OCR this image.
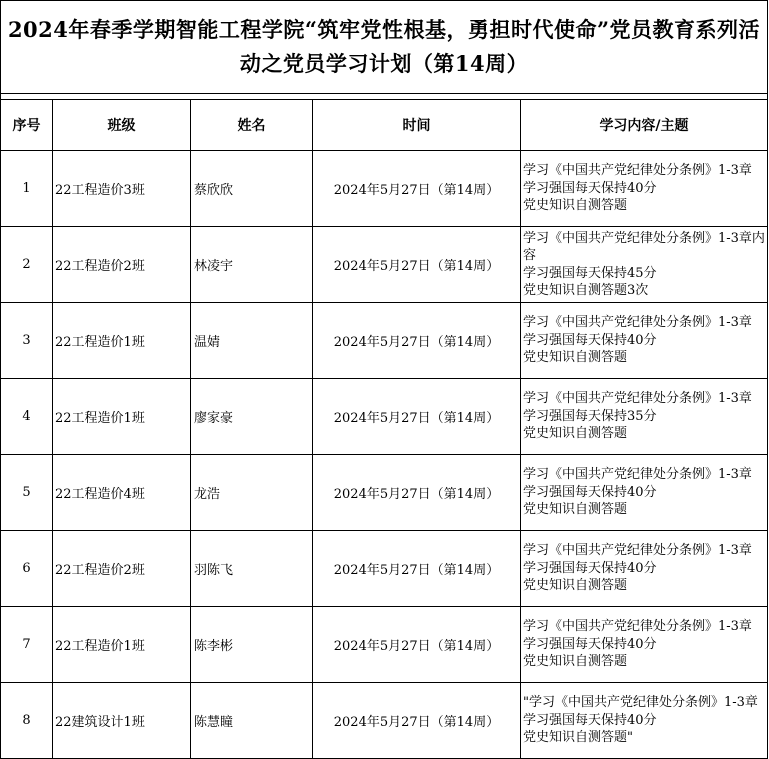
2024年春季学期智能工程学院“筑牢党性根基，勇担时代使命”党员教育系列活动之党员学习计划（第14周）				

序号	班级	姓名	时间	学习内容/主题
1	22工程造价3班	蔡欣欣	2024年5月27日（第14周）	学习《中国共产党纪律处分条例》1-3章
学习强国每天保持40分
党史知识自测答题
2	22工程造价2班	林凌宇	2024年5月27日（第14周）	学习《中国共产党纪律处分条例》1-3章内容
学习强国每天保持45分
党史知识自测答题3次
3	22工程造价1班	温婧	2024年5月27日（第14周）	学习《中国共产党纪律处分条例》1-3章
学习强国每天保持40分
党史知识自测答题
4	22工程造价1班	廖家豪	2024年5月27日（第14周）	学习《中国共产党纪律处分条例》1-3章
学习强国每天保持35分
党史知识自测答题
5	22工程造价4班	龙浩	2024年5月27日（第14周）	学习《中国共产党纪律处分条例》1-3章
学习强国每天保持40分
党史知识自测答题
6	22工程造价2班	羽陈飞	2024年5月27日（第14周）	学习《中国共产党纪律处分条例》1-3章
学习强国每天保持40分
党史知识自测答题
7	22工程造价1班	陈李彬	2024年5月27日（第14周）	学习《中国共产党纪律处分条例》1-3章
学习强国每天保持40分
党史知识自测答题
8	22建筑设计1班	陈慧瞳	2024年5月27日（第14周）	"学习《中国共产党纪律处分条例》1-3章
学习强国每天保持40分
党史知识自测答题"
